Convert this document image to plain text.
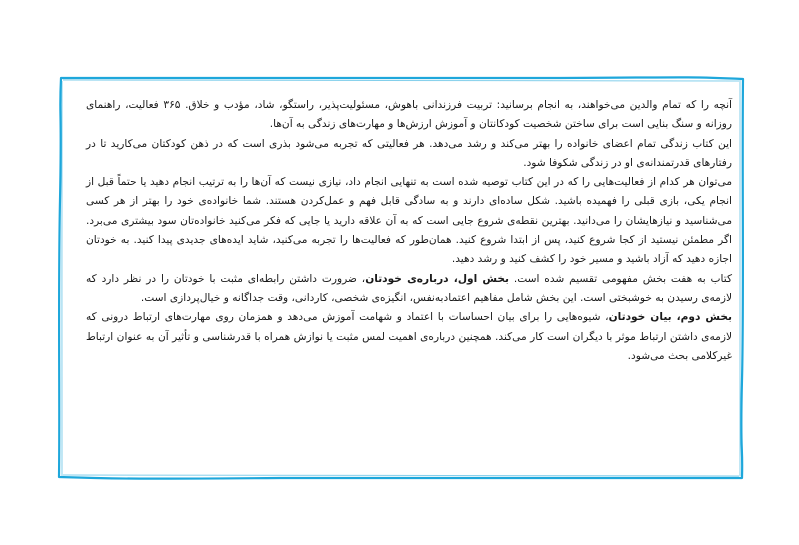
آنچه را که تمام والدین می‌خواهند، به انجام برسانید: تربیت فرزندانی باهوش، مسئولیت‌پذیر، راستگو، شاد، مؤدب و خلاق. ۳۶۵ فعالیت، راهنمای روزانه و سنگ بنایی است برای ساختن شخصیت کودکانتان و آموزش ارزش‌ها و مهارت‌های زندگی به آن‌ها.

این کتاب زندگی تمام اعضای خانواده را بهتر می‌کند و رشد می‌دهد. هر فعالیتی که تجربه می‌شود بذری است که در ذهن کودکتان می‌کارید تا در رفتارهای قدرتمندانه‌ی او در زندگی شکوفا شود.

می‌توان هر کدام از فعالیت‌هایی را که در این کتاب توصیه شده است به تنهایی انجام داد، نیازی نیست که آن‌ها را به ترتیب انجام دهید یا حتماً قبل از انجام یکی، بازی قبلی را فهمیده باشید. شکل ساده‌ای دارند و به سادگی قابل فهم و عمل‌کردن هستند. شما خانواده‌ی خود را بهتر از هر کسی می‌شناسید و نیازهایشان را می‌دانید. بهترین نقطه‌ی شروع جایی است که به آن علاقه دارید یا جایی که فکر می‌کنید خانواده‌تان سود بیشتری می‌برد. اگر مطمئن نیستید از کجا شروع کنید، پس از ابتدا شروع کنید. همان‌طور که فعالیت‌ها را تجربه می‌کنید، شاید ایده‌های جدیدی پیدا کنید. به خودتان اجازه دهید که آزاد باشید و مسیر خود را کشف کنید و رشد دهید.

کتاب به هفت بخش مفهومی تقسیم شده است. بخش اول، درباره‌ی خودتان، ضرورت داشتن رابطه‌ای مثبت با خودتان را در نظر دارد که لازمه‌ی رسیدن به خوشبختی است. این بخش شامل مفاهیم اعتمادبه‌نفس، انگیزه‌ی شخصی، کاردانی، وقت جداگانه و خیال‌پردازی است.

بخش دوم، بیان خودتان، شیوه‌هایی را برای بیان احساسات با اعتماد و شهامت آموزش می‌دهد و همزمان روی مهارت‌های ارتباط درونی که لازمه‌ی داشتن ارتباط موثر با دیگران است کار می‌کند. همچنین درباره‌ی اهمیت لمس مثبت یا نوازش همراه با قدرشناسی و تأثیر آن به عنوان ارتباط غیرکلامی بحث می‌شود.
